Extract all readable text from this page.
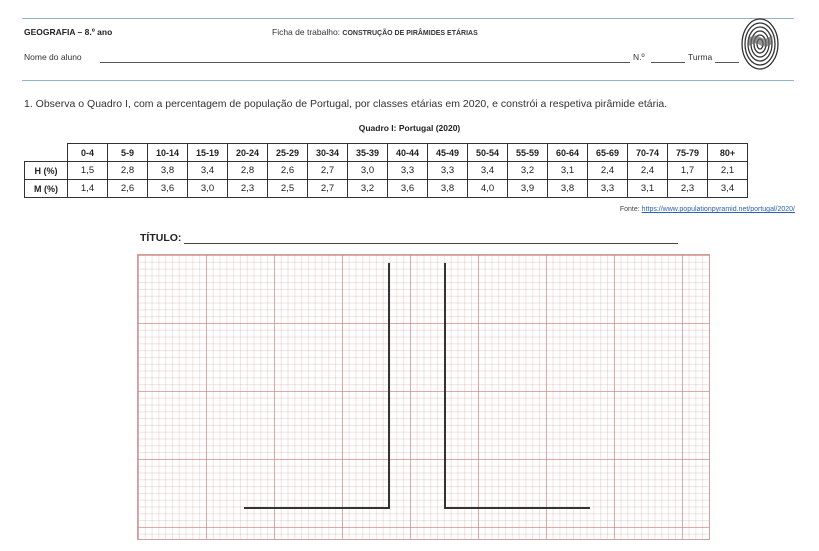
GEOGRAFIA – 8.º ano	Ficha de trabalho: CONSTRUÇÃO DE PIRÂMIDES ETÁRIAS
Nome do aluno	N.º	Turma
1. Observa o Quadro I, com a percentagem de população de Portugal, por classes etárias em 2020, e constrói a respetiva pirâmide etária.
Quadro I: Portugal (2020)
	0-4	5-9	10-14	15-19	20-24	25-29	30-34	35-39	40-44	45-49	50-54	55-59	60-64	65-69	70-74	75-79	80+
H (%)	1,5	2,8	3,8	3,4	2,8	2,6	2,7	3,0	3,3	3,3	3,4	3,2	3,1	2,4	2,4	1,7	2,1
M (%)	1,4	2,6	3,6	3,0	2,3	2,5	2,7	3,2	3,6	3,8	4,0	3,9	3,8	3,3	3,1	2,3	3,4
Fonte: https://www.populationpyramid.net/portugal/2020/
TÍTULO:
